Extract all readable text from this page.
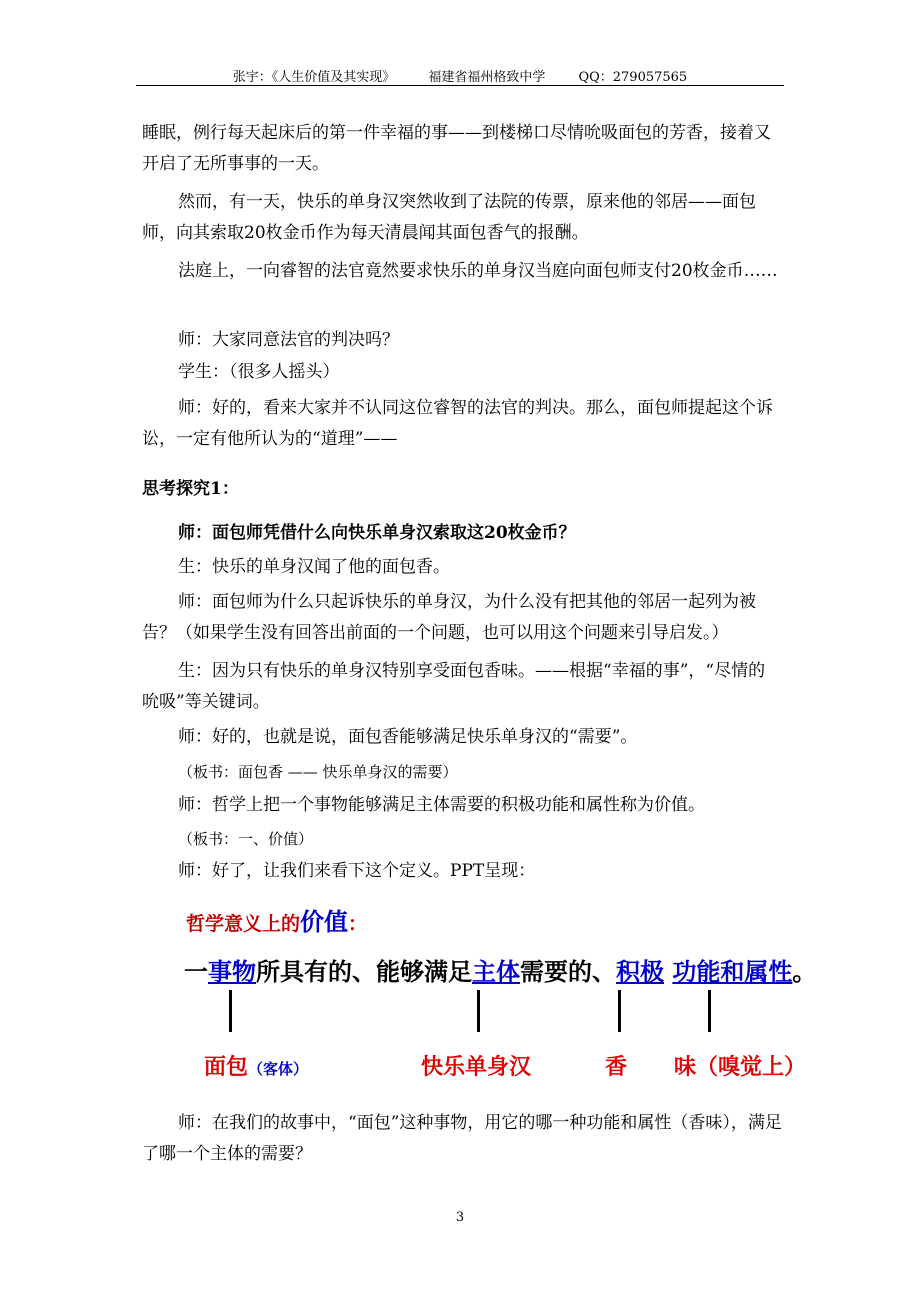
张宇：《人生价值及其实现》	福建省福州格致中学	QQ：279057565

睡眠，例行每天起床后的第一件幸福的事——到楼梯口尽情吮吸面包的芳香，接着又开启了无所事事的一天。

然而，有一天，快乐的单身汉突然收到了法院的传票，原来他的邻居——面包师，向其索取20枚金币作为每天清晨闻其面包香气的报酬。

法庭上，一向睿智的法官竟然要求快乐的单身汉当庭向面包师支付20枚金币……

师：大家同意法官的判决吗？

学生：（很多人摇头）

师：好的，看来大家并不认同这位睿智的法官的判决。那么，面包师提起这个诉讼，一定有他所认为的“道理”——

思考探究1：

师：面包师凭借什么向快乐单身汉索取这20枚金币？

生：快乐的单身汉闻了他的面包香。

师：面包师为什么只起诉快乐的单身汉，为什么没有把其他的邻居一起列为被告？（如果学生没有回答出前面的一个问题，也可以用这个问题来引导启发。）

生：因为只有快乐的单身汉特别享受面包香味。——根据“幸福的事”，“尽情的吮吸”等关键词。

师：好的，也就是说，面包香能够满足快乐单身汉的“需要”。

（板书：面包香 —— 快乐单身汉的需要）

师：哲学上把一个事物能够满足主体需要的积极功能和属性称为价值。

（板书：一、价值）

师：好了，让我们来看下这个定义。PPT呈现：

哲学意义上的价值：
一事物所具有的、能够满足主体需要的、积极 功能和属性。
面包（客体）	快乐单身汉	香 味（嗅觉上）

师：在我们的故事中，“面包”这种事物，用它的哪一种功能和属性（香味），满足了哪一个主体的需要？

3
